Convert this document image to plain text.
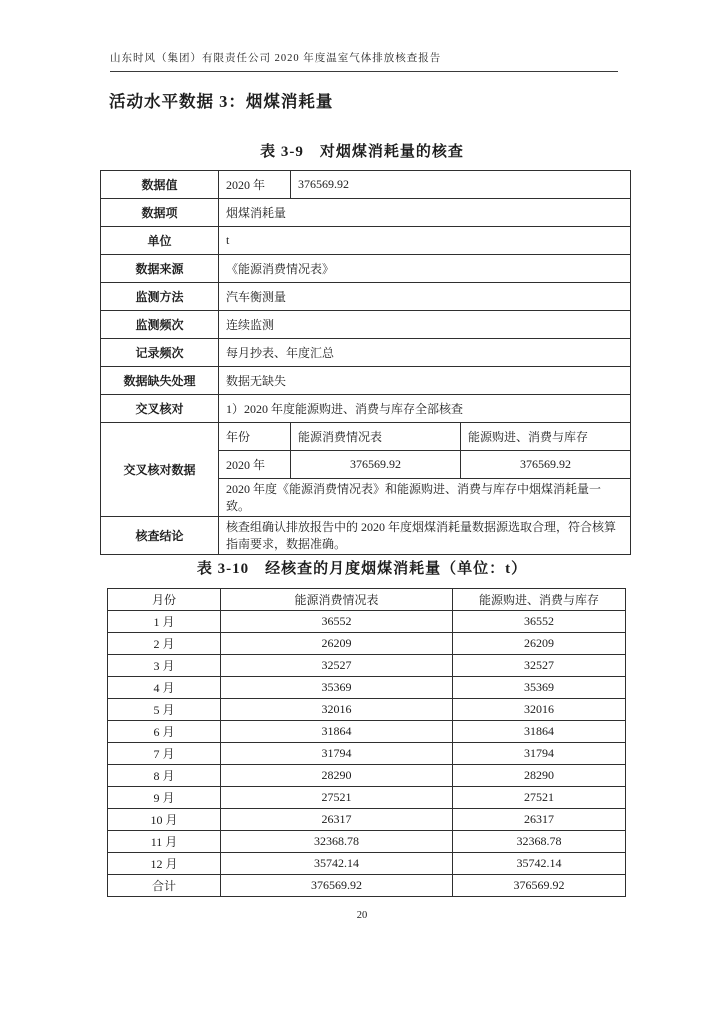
山东时风（集团）有限责任公司 2020 年度温室气体排放核查报告
活动水平数据 3：烟煤消耗量
表 3-9　对烟煤消耗量的核查
数据值	2020 年	376569.92	
数据项	烟煤消耗量		
单位	t		
数据来源	《能源消费情况表》		
监测方法	汽车衡测量		
监测频次	连续监测		
记录频次	每月抄表、年度汇总		
数据缺失处理	数据无缺失		
交叉核对	1）2020 年度能源购进、消费与库存全部核查		
交叉核对数据	年份	能源消费情况表	能源购进、消费与库存
	2020 年	376569.92	376569.92
	2020 年度《能源消费情况表》和能源购进、消费与库存中烟煤消耗量一致。		
核查结论	核查组确认排放报告中的 2020 年度烟煤消耗量数据源选取合理，符合核算指南要求，数据准确。		
表 3-10　经核查的月度烟煤消耗量（单位：t）
月份	能源消费情况表	能源购进、消费与库存
1 月	36552	36552
2 月	26209	26209
3 月	32527	32527
4 月	35369	35369
5 月	32016	32016
6 月	31864	31864
7 月	31794	31794
8 月	28290	28290
9 月	27521	27521
10 月	26317	26317
11 月	32368.78	32368.78
12 月	35742.14	35742.14
合计	376569.92	376569.92
20
